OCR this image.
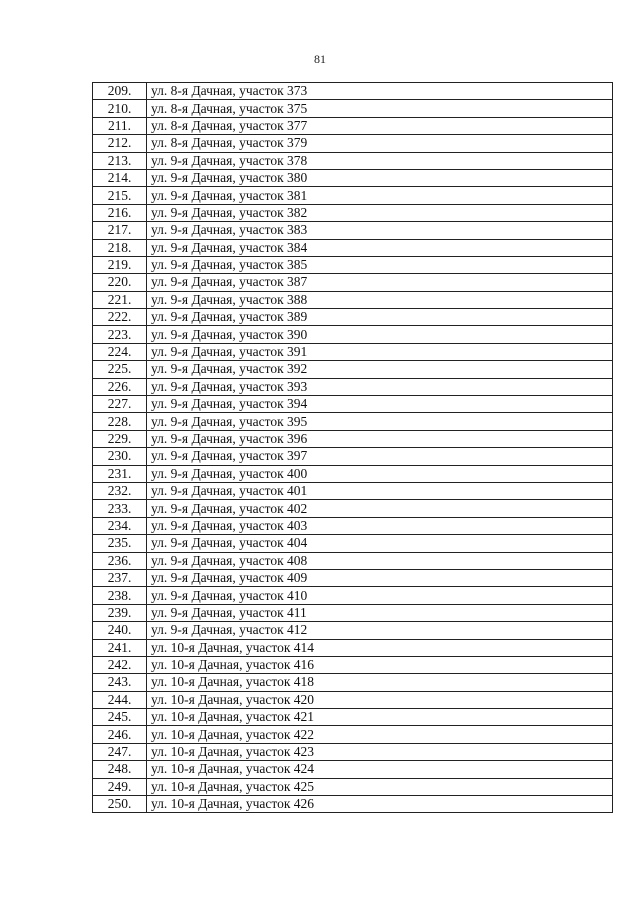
81
209.	ул. 8-я Дачная, участок 373
210.	ул. 8-я Дачная, участок 375
211.	ул. 8-я Дачная, участок 377
212.	ул. 8-я Дачная, участок 379
213.	ул. 9-я Дачная, участок 378
214.	ул. 9-я Дачная, участок 380
215.	ул. 9-я Дачная, участок 381
216.	ул. 9-я Дачная, участок 382
217.	ул. 9-я Дачная, участок 383
218.	ул. 9-я Дачная, участок 384
219.	ул. 9-я Дачная, участок 385
220.	ул. 9-я Дачная, участок 387
221.	ул. 9-я Дачная, участок 388
222.	ул. 9-я Дачная, участок 389
223.	ул. 9-я Дачная, участок 390
224.	ул. 9-я Дачная, участок 391
225.	ул. 9-я Дачная, участок 392
226.	ул. 9-я Дачная, участок 393
227.	ул. 9-я Дачная, участок 394
228.	ул. 9-я Дачная, участок 395
229.	ул. 9-я Дачная, участок 396
230.	ул. 9-я Дачная, участок 397
231.	ул. 9-я Дачная, участок 400
232.	ул. 9-я Дачная, участок 401
233.	ул. 9-я Дачная, участок 402
234.	ул. 9-я Дачная, участок 403
235.	ул. 9-я Дачная, участок 404
236.	ул. 9-я Дачная, участок 408
237.	ул. 9-я Дачная, участок 409
238.	ул. 9-я Дачная, участок 410
239.	ул. 9-я Дачная, участок 411
240.	ул. 9-я Дачная, участок 412
241.	ул. 10-я Дачная, участок 414
242.	ул. 10-я Дачная, участок 416
243.	ул. 10-я Дачная, участок 418
244.	ул. 10-я Дачная, участок 420
245.	ул. 10-я Дачная, участок 421
246.	ул. 10-я Дачная, участок 422
247.	ул. 10-я Дачная, участок 423
248.	ул. 10-я Дачная, участок 424
249.	ул. 10-я Дачная, участок 425
250.	ул. 10-я Дачная, участок 426
